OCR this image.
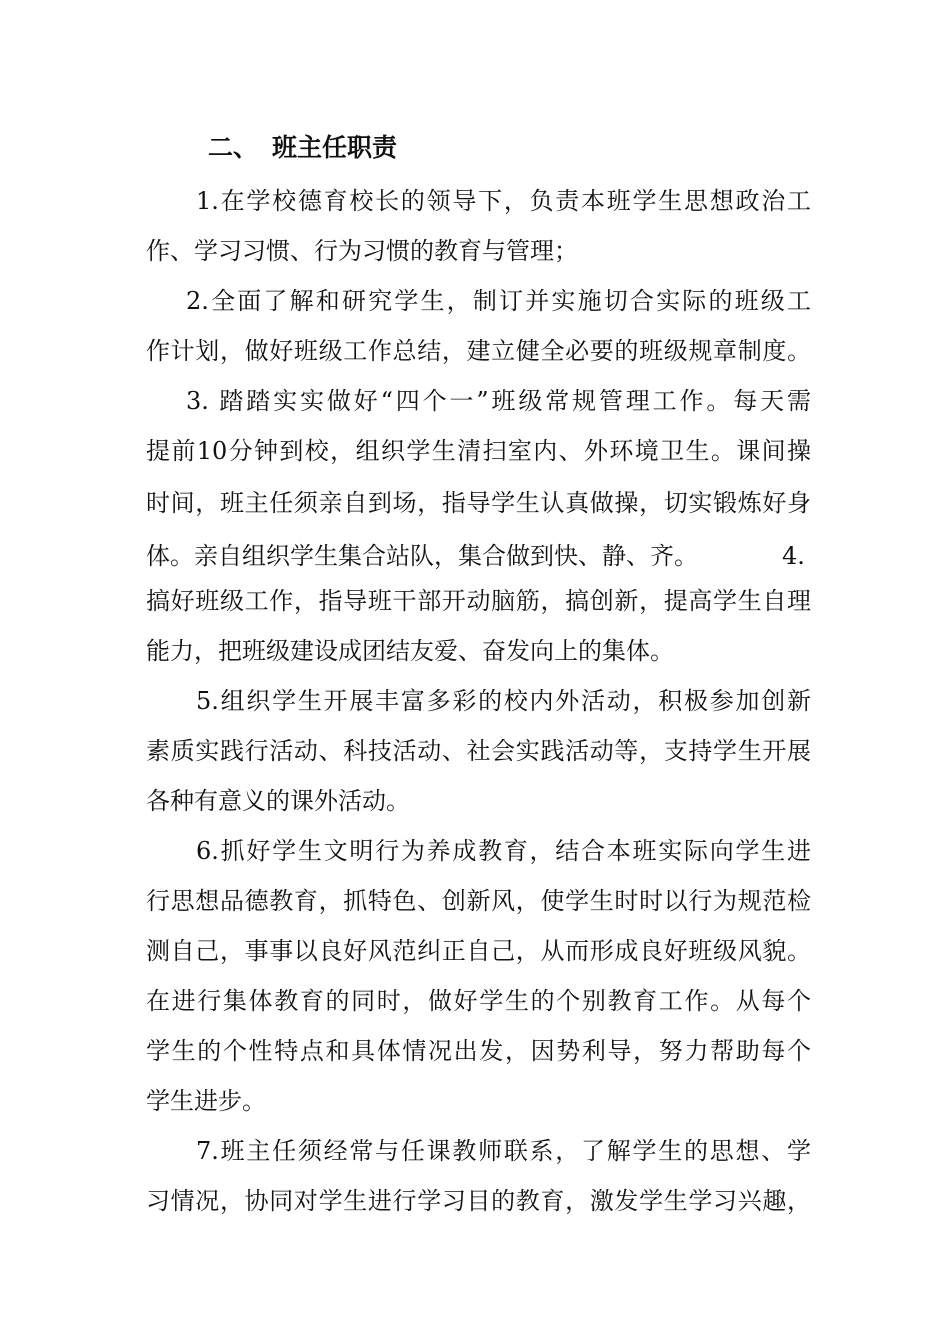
二、 班主任职责
1.在学校德育校长的领导下，负责本班学生思想政治工
作、学习习惯、行为习惯的教育与管理；
2.全面了解和研究学生，制订并实施切合实际的班级工
作计划，做好班级工作总结，建立健全必要的班级规章制度。
3. 踏踏实实做好“四个一”班级常规管理工作。每天需
提前10分钟到校，组织学生清扫室内、外环境卫生。课间操
时间，班主任须亲自到场，指导学生认真做操，切实锻炼好身
体。亲自组织学生集合站队，集合做到快、静、齐。	4.
搞好班级工作，指导班干部开动脑筋，搞创新，提高学生自理
能力，把班级建设成团结友爱、奋发向上的集体。
5.组织学生开展丰富多彩的校内外活动，积极参加创新
素质实践行活动、科技活动、社会实践活动等，支持学生开展
各种有意义的课外活动。
6.抓好学生文明行为养成教育，结合本班实际向学生进
行思想品德教育，抓特色、创新风，使学生时时以行为规范检
测自己，事事以良好风范纠正自己，从而形成良好班级风貌。
在进行集体教育的同时，做好学生的个别教育工作。从每个
学生的个性特点和具体情况出发，因势利导，努力帮助每个
学生进步。
7.班主任须经常与任课教师联系，了解学生的思想、学
习情况，协同对学生进行学习目的教育，激发学生学习兴趣，
